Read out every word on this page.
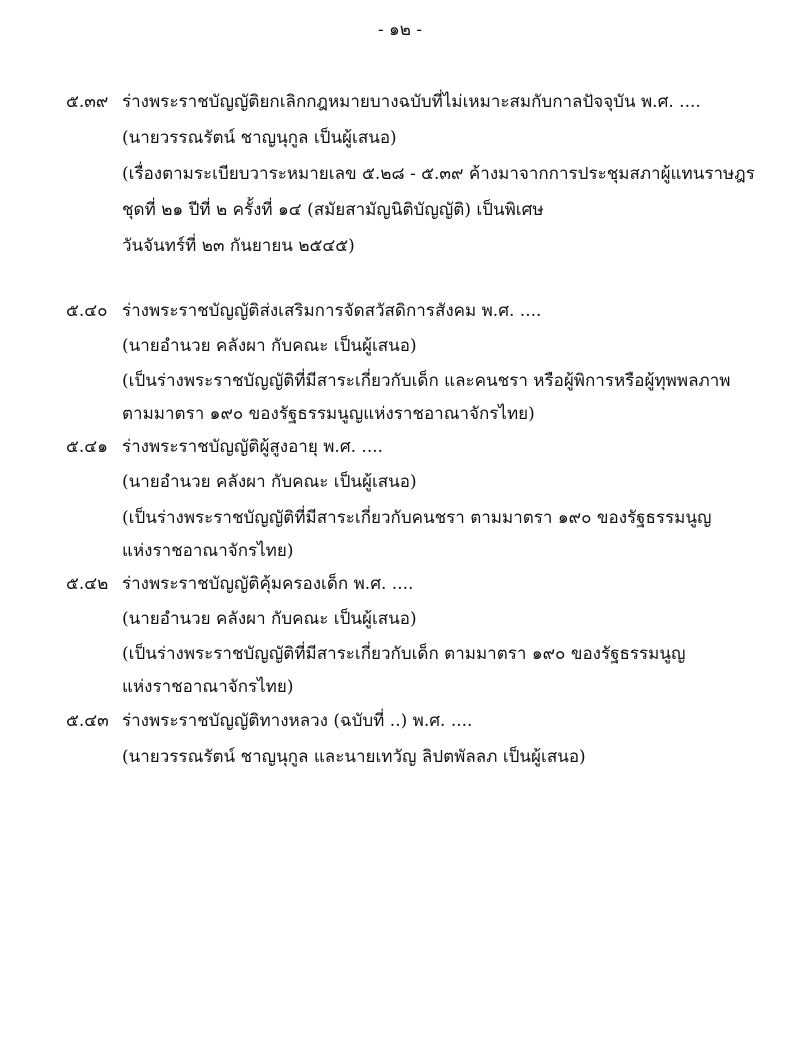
- ๑๒ -
๕.๓๙ ร่างพระราชบัญญัติยกเลิกกฎหมายบางฉบับที่ไม่เหมาะสมกับกาลปัจจุบัน พ.ศ. ....
(นายวรรณรัตน์ ชาญนุกูล เป็นผู้เสนอ)
(เรื่องตามระเบียบวาระหมายเลข ๕.๒๘ - ๕.๓๙ ค้างมาจากการประชุมสภาผู้แทนราษฎร
ชุดที่ ๒๑ ปีที่ ๒ ครั้งที่ ๑๔ (สมัยสามัญนิติบัญญัติ) เป็นพิเศษ
วันจันทร์ที่ ๒๓ กันยายน ๒๕๔๕)
๕.๔๐ ร่างพระราชบัญญัติส่งเสริมการจัดสวัสดิการสังคม พ.ศ. ....
(นายอำนวย คลังผา กับคณะ เป็นผู้เสนอ)
(เป็นร่างพระราชบัญญัติที่มีสาระเกี่ยวกับเด็ก และคนชรา หรือผู้พิการหรือผู้ทุพพลภาพ
ตามมาตรา ๑๙๐ ของรัฐธรรมนูญแห่งราชอาณาจักรไทย)
๕.๔๑ ร่างพระราชบัญญัติผู้สูงอายุ พ.ศ. ....
(นายอำนวย คลังผา กับคณะ เป็นผู้เสนอ)
(เป็นร่างพระราชบัญญัติที่มีสาระเกี่ยวกับคนชรา ตามมาตรา ๑๙๐ ของรัฐธรรมนูญ
แห่งราชอาณาจักรไทย)
๕.๔๒ ร่างพระราชบัญญัติคุ้มครองเด็ก พ.ศ. ....
(นายอำนวย คลังผา กับคณะ เป็นผู้เสนอ)
(เป็นร่างพระราชบัญญัติที่มีสาระเกี่ยวกับเด็ก ตามมาตรา ๑๙๐ ของรัฐธรรมนูญ
แห่งราชอาณาจักรไทย)
๕.๔๓ ร่างพระราชบัญญัติทางหลวง (ฉบับที่ ..) พ.ศ. ....
(นายวรรณรัตน์ ชาญนุกูล และนายเทวัญ ลิปตพัลลภ เป็นผู้เสนอ)
